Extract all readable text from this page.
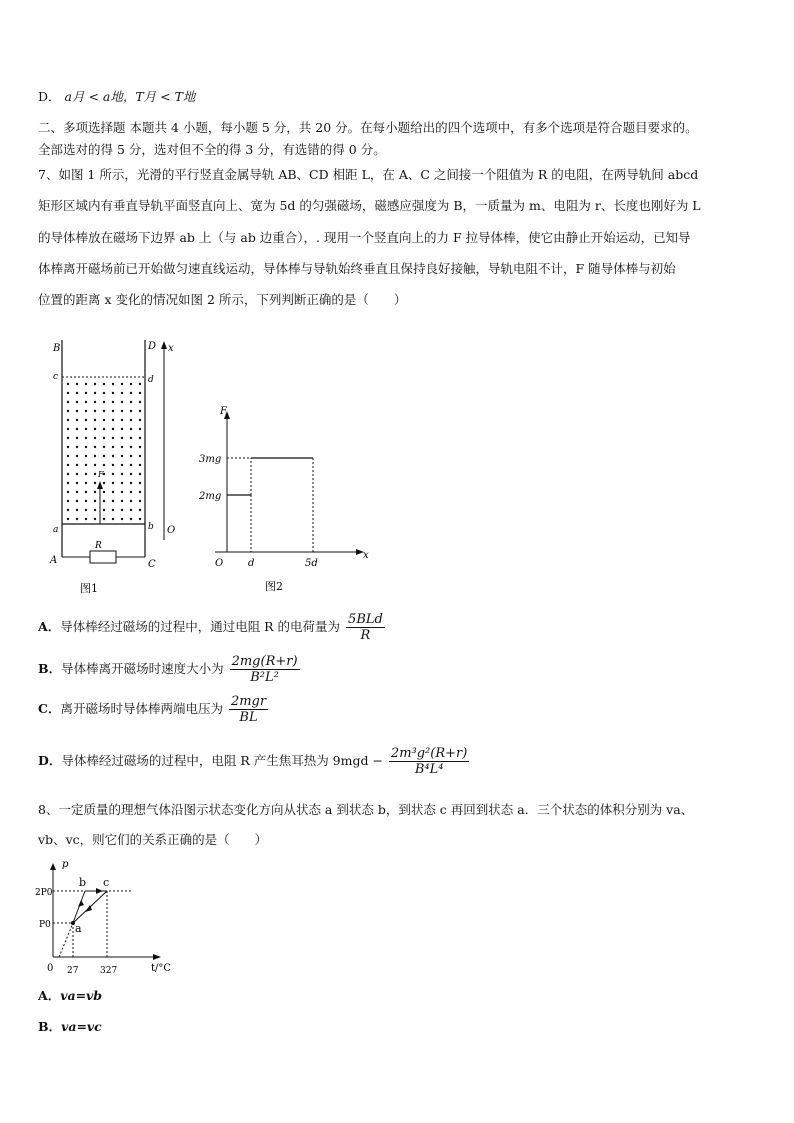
D． a月 < a地，T月 < T地
二、多项选择题 本题共 4 小题，每小题 5 分，共 20 分。在每小题给出的四个选项中，有多个选项是符合题目要求的。
全部选对的得 5 分，选对但不全的得 3 分，有选错的得 0 分。
7、如图 1 所示，光滑的平行竖直金属导轨 AB、CD 相距 L，在 A、C 之间接一个阻值为 R 的电阻，在两导轨间 abcd
矩形区域内有垂直导轨平面竖直向上、宽为 5d 的匀强磁场，磁感应强度为 B，一质量为 m、电阻为 r、长度也刚好为 L
的导体棒放在磁场下边界 ab 上（与 ab 边重合），. 现用一个竖直向上的力 F 拉导体棒，使它由静止开始运动，已知导
体棒离开磁场前已开始做匀速直线运动，导体棒与导轨始终垂直且保持良好接触，导轨电阻不计，F 随导体棒与初始
位置的距离 x 变化的情况如图 2 所示，下列判断正确的是（　　）
B	D x
c	d
F
a	b O
A	C
R
图1
F
3mg
2mg
O d	5d
x
图2
A．导体棒经过磁场的过程中，通过电阻 R 的电荷量为 $\frac{\text{5BLd}}{R}$
B．导体棒离开磁场时速度大小为 $\frac{2mg(R+r)}{\text{B²L²}}$
C．离开磁场时导体棒两端电压为 $\frac{\text{2mgr}}{BL}$
D．导体棒经过磁场的过程中，电阻 R 产生焦耳热为 $9mgd - \frac{\text{2m³g²(R+r)}}{\text{B⁴L⁴}}$
8、一定质量的理想气体沿图示状态变化方向从状态 a 到状态 b，到状态 c 再回到状态 a．三个状态的体积分别为 va、
vb、vc，则它们的关系正确的是（　　）
p
b c
2P0
P0 a
0 27 327	t/°C
A．va=vb
B．va=vc
